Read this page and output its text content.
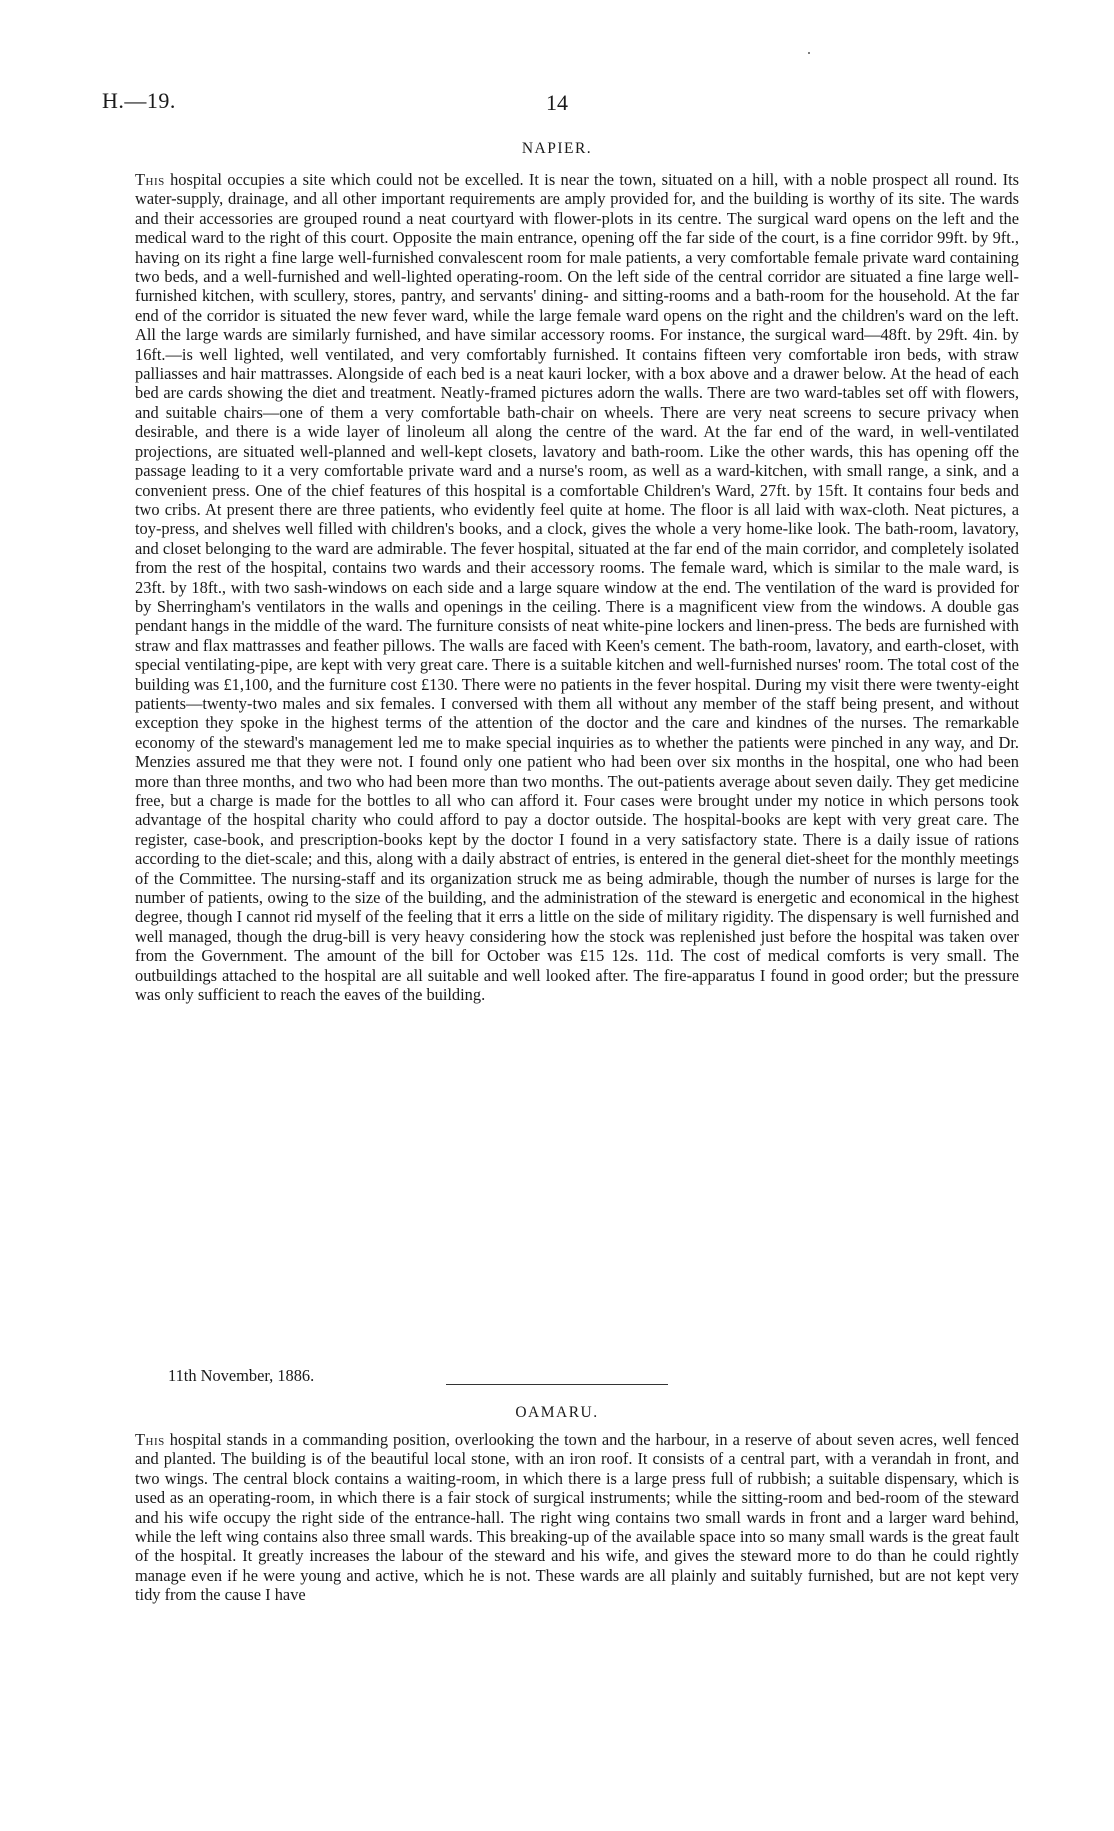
H.—19.	14
NAPIER.

This hospital occupies a site which could not be excelled. It is near the town, situated on a hill, with a noble prospect all round. Its water-supply, drainage, and all other important requirements are amply provided for, and the building is worthy of its site. The wards and their accessories are grouped round a neat courtyard with flower-plots in its centre. The surgical ward opens on the left and the medical ward to the right of this court. Opposite the main entrance, opening off the far side of the court, is a fine corridor 99ft. by 9ft., having on its right a fine large well-furnished convalescent room for male patients, a very comfortable female private ward containing two beds, and a well-furnished and well-lighted operating-room. On the left side of the central corridor are situated a fine large well-furnished kitchen, with scullery, stores, pantry, and servants' dining- and sitting-rooms and a bath-room for the household. At the far end of the corridor is situated the new fever ward, while the large female ward opens on the right and the children's ward on the left. All the large wards are similarly furnished, and have similar accessory rooms. For instance, the surgical ward—48ft. by 29ft. 4in. by 16ft.—is well lighted, well ventilated, and very comfortably furnished. It contains fifteen very comfortable iron beds, with straw palliasses and hair mattrasses. Alongside of each bed is a neat kauri locker, with a box above and a drawer below. At the head of each bed are cards showing the diet and treatment. Neatly-framed pictures adorn the walls. There are two ward-tables set off with flowers, and suitable chairs—one of them a very comfortable bath-chair on wheels. There are very neat screens to secure privacy when desirable, and there is a wide layer of linoleum all along the centre of the ward. At the far end of the ward, in well-ventilated projections, are situated well-planned and well-kept closets, lavatory and bath-room. Like the other wards, this has opening off the passage leading to it a very comfortable private ward and a nurse's room, as well as a ward-kitchen, with small range, a sink, and a convenient press. One of the chief features of this hospital is a comfortable Children's Ward, 27ft. by 15ft. It contains four beds and two cribs. At present there are three patients, who evidently feel quite at home. The floor is all laid with wax-cloth. Neat pictures, a toy-press, and shelves well filled with children's books, and a clock, gives the whole a very home-like look. The bath-room, lavatory, and closet belonging to the ward are admirable. The fever hospital, situated at the far end of the main corridor, and completely isolated from the rest of the hospital, contains two wards and their accessory rooms. The female ward, which is similar to the male ward, is 23ft. by 18ft., with two sash-windows on each side and a large square window at the end. The ventilation of the ward is provided for by Sherringham's ventilators in the walls and openings in the ceiling. There is a magnificent view from the windows. A double gas pendant hangs in the middle of the ward. The furniture consists of neat white-pine lockers and linen-press. The beds are furnished with straw and flax mattrasses and feather pillows. The walls are faced with Keen's cement. The bath-room, lavatory, and earth-closet, with special ventilating-pipe, are kept with very great care. There is a suitable kitchen and well-furnished nurses' room. The total cost of the building was £1,100, and the furniture cost £130. There were no patients in the fever hospital. During my visit there were twenty-eight patients—twenty-two males and six females. I conversed with them all without any member of the staff being present, and without exception they spoke in the highest terms of the attention of the doctor and the care and kindnes of the nurses. The remarkable economy of the steward's management led me to make special inquiries as to whether the patients were pinched in any way, and Dr. Menzies assured me that they were not. I found only one patient who had been over six months in the hospital, one who had been more than three months, and two who had been more than two months. The out-patients average about seven daily. They get medicine free, but a charge is made for the bottles to all who can afford it. Four cases were brought under my notice in which persons took advantage of the hospital charity who could afford to pay a doctor outside. The hospital-books are kept with very great care. The register, case-book, and prescription-books kept by the doctor I found in a very satisfactory state. There is a daily issue of rations according to the diet-scale; and this, along with a daily abstract of entries, is entered in the general diet-sheet for the monthly meetings of the Committee. The nursing-staff and its organization struck me as being admirable, though the number of nurses is large for the number of patients, owing to the size of the building, and the administration of the steward is energetic and economical in the highest degree, though I cannot rid myself of the feeling that it errs a little on the side of military rigidity. The dispensary is well furnished and well managed, though the drug-bill is very heavy considering how the stock was replenished just before the hospital was taken over from the Government. The amount of the bill for October was £15 12s. 11d. The cost of medical comforts is very small. The outbuildings attached to the hospital are all suitable and well looked after. The fire-apparatus I found in good order; but the pressure was only sufficient to reach the eaves of the building.

11th November, 1886.
OAMARU.

This hospital stands in a commanding position, overlooking the town and the harbour, in a reserve of about seven acres, well fenced and planted. The building is of the beautiful local stone, with an iron roof. It consists of a central part, with a verandah in front, and two wings. The central block contains a waiting-room, in which there is a large press full of rubbish; a suitable dispensary, which is used as an operating-room, in which there is a fair stock of surgical instruments; while the sitting-room and bed-room of the steward and his wife occupy the right side of the entrance-hall. The right wing contains two small wards in front and a larger ward behind, while the left wing contains also three small wards. This breaking-up of the available space into so many small wards is the great fault of the hospital. It greatly increases the labour of the steward and his wife, and gives the steward more to do than he could rightly manage even if he were young and active, which he is not. These wards are all plainly and suitably furnished, but are not kept very tidy from the cause I have
